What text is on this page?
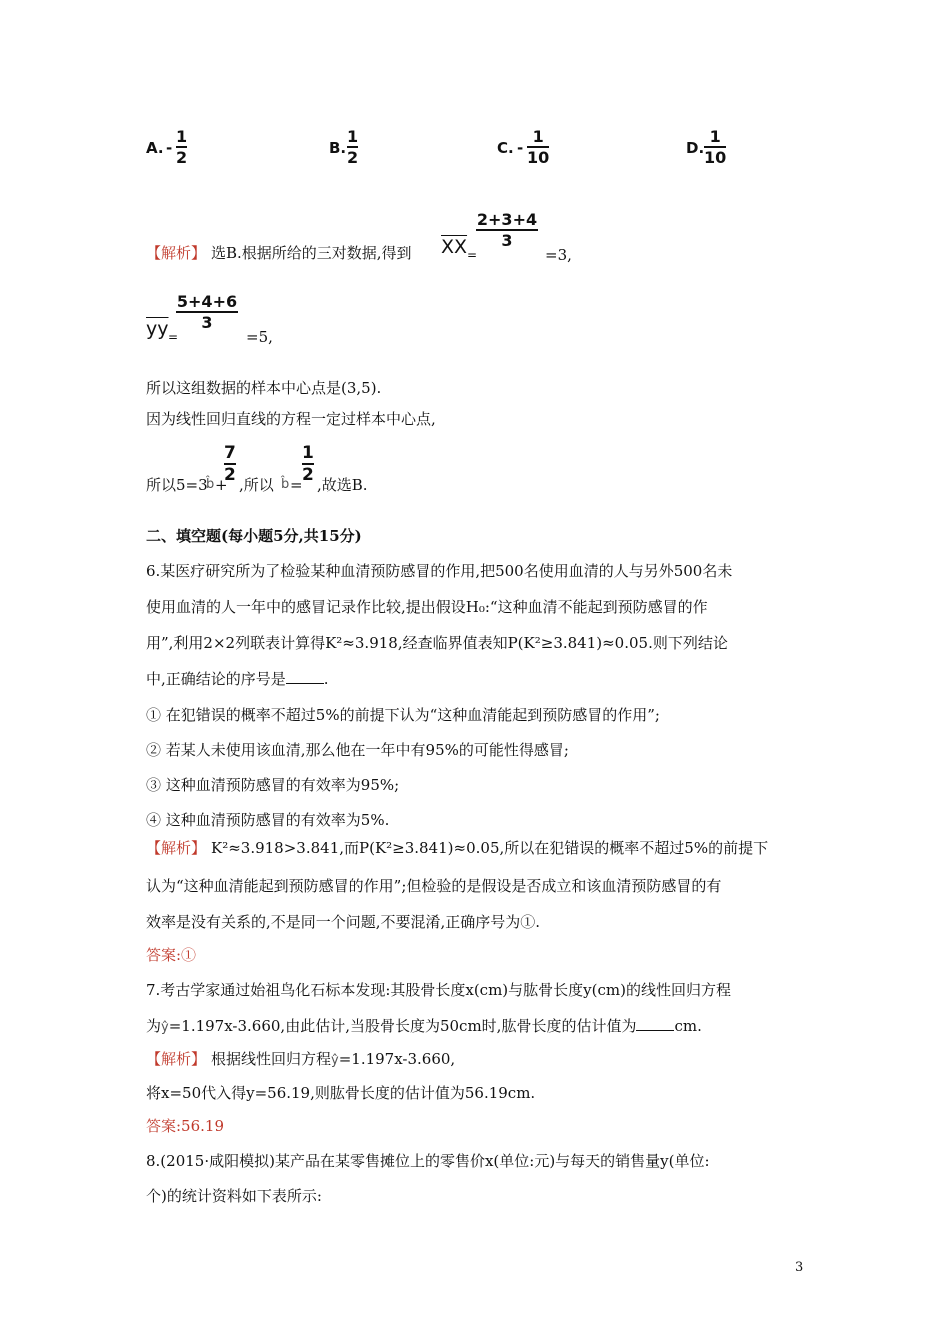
A. -
1
2	B.
1
2	C. -
1
10	D.
1
10
【解析】 选B.根据所给的三对数据,得到 $\overline{XX}$ =
2+3+4
3
=3,
$\overline{yy}$ =
5+4+6
3
=5,
所以这组数据的样本中心点是(3,5).
因为线性回归直线的方程一定过样本中心点,
所以5=3
b̂ +
7
2
,所以 b̂ =
1
2
,故选B.
二、填空题(每小题5分,共15分)
6.某医疗研究所为了检验某种血清预防感冒的作用,把500名使用血清的人与另外500名未
使用血清的人一年中的感冒记录作比较,提出假设H₀:“这种血清不能起到预防感冒的作
用”,利用2×2列联表计算得K²≈3.918,经查临界值表知P(K²≥3.841)≈0.05.则下列结论
中,正确结论的序号是	.
① 在犯错误的概率不超过5%的前提下认为“这种血清能起到预防感冒的作用”;
② 若某人未使用该血清,那么他在一年中有95%的可能性得感冒;
③ 这种血清预防感冒的有效率为95%;
④ 这种血清预防感冒的有效率为5%.
【解析】 K²≈3.918>3.841,而P(K²≥3.841)≈0.05,所以在犯错误的概率不超过5%的前提下
认为“这种血清能起到预防感冒的作用”;但检验的是假设是否成立和该血清预防感冒的有
效率是没有关系的,不是同一个问题,不要混淆,正确序号为①.
答案:①
7.考古学家通过始祖鸟化石标本发现:其股骨长度x(cm)与肱骨长度y(cm)的线性回归方程
为ŷ=1.197x-3.660,由此估计,当股骨长度为50cm时,肱骨长度的估计值为	cm.
【解析】 根据线性回归方程ŷ=1.197x-3.660,
将x=50代入得y=56.19,则肱骨长度的估计值为56.19cm.
答案:56.19
8.(2015·咸阳模拟)某产品在某零售摊位上的零售价x(单位:元)与每天的销售量y(单位:
个)的统计资料如下表所示:
3
